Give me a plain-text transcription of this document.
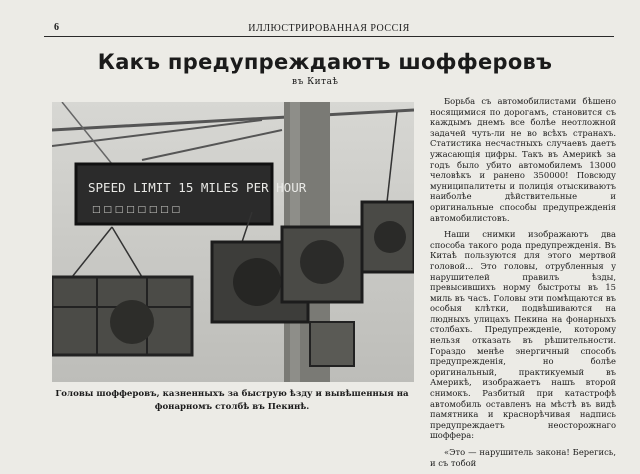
6	ИЛЛЮСТРИРОВАННАЯ РОССІЯ
Какъ предупреждаютъ шофферовъ
въ Китаѣ
SPEED LIMIT 15 MILES PER HOUR
□ □ □ □ □ □ □ □
Головы шофферовъ, казненныхъ за быструю ѣзду и вывѣшенныя на фонарномъ столбѣ въ Пекинѣ.

Борьба съ автомобилистами бѣшено носящимися по дорогамъ, становится съ каждымъ днемъ все болѣе неотложной задачей чуть-ли не во всѣхъ странахъ. Статистика несчастныхъ случаевъ даетъ ужасающія цифры. Такъ въ Америкѣ за годъ было убито автомобилемъ 13000 человѣкъ и ранено 350000! Повсюду муниципалитеты и полиція отыскиваютъ наиболѣе дѣйствительные и оригинальные способы предупрежденія автомобилистовъ.

Наши снимки изображаютъ два способа такого рода предупрежденія. Въ Китаѣ пользуются для этого мертвой головой... Это головы, отрубленныя у нарушителей правилъ ѣзды, превысившихъ норму быстроты въ 15 миль въ часъ. Головы эти помѣщаются въ особыя клѣтки, подвѣшиваются на людныхъ улицахъ Пекина на фонарныхъ столбахъ. Предупрежденіе, которому нельзя отказать въ рѣшительности. Гораздо менѣе энергичный способъ предупрежденія, но болѣе оригинальный, практикуемый въ Америкѣ, изображаетъ нашъ второй снимокъ. Разбитый при катастрофѣ автомобиль оставленъ на мѣстѣ въ видѣ памятника и краснорѣчивая надпись предупреждаетъ неосторожнаго шоффера:

«Это — нарушитель закона! Берегись, и съ тобой
